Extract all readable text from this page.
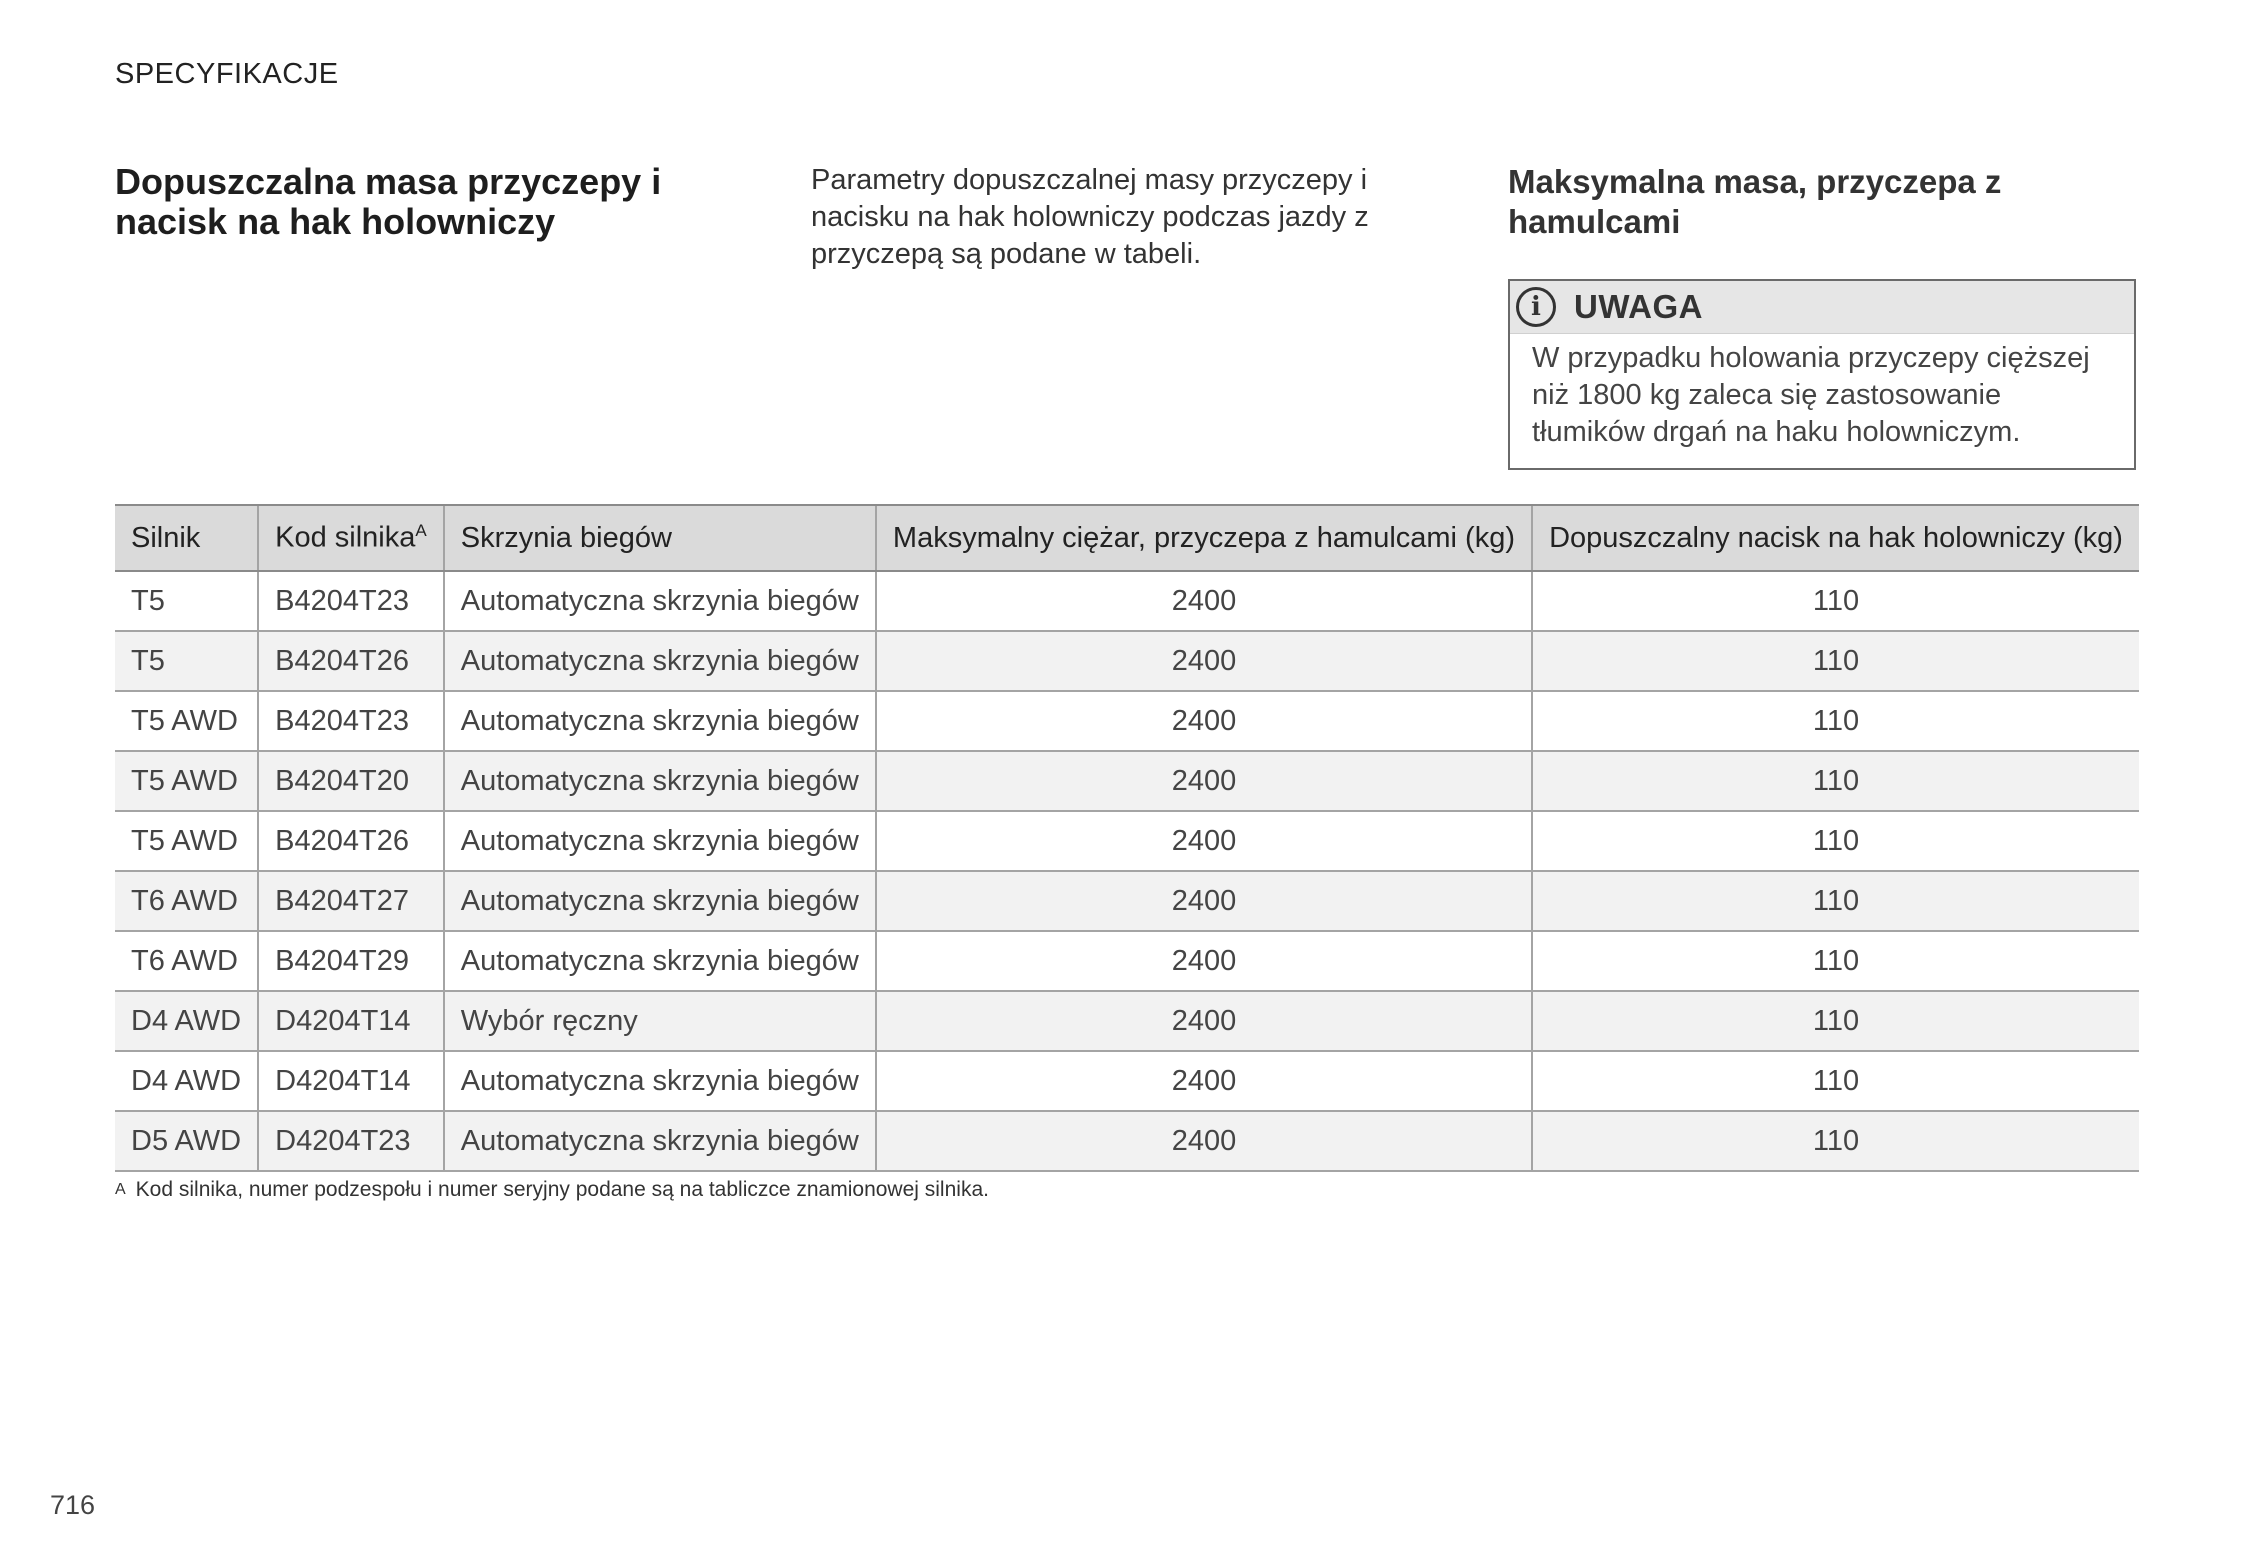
SPECYFIKACJE
Dopuszczalna masa przyczepy i nacisk na hak holowniczy

Parametry dopuszczalnej masy przyczepy i nacisku na hak holowniczy podczas jazdy z przyczepą są podane w tabeli.

Maksymalna masa, przyczepa z hamulcami
i	UWAGA
W przypadku holowania przyczepy cięższej niż 1800 kg zaleca się zastosowanie tłumików drgań na haku holowniczym.
Silnik	Kod silnika$^A$	Skrzynia biegów	Maksymalny ciężar, przyczepa z hamulcami (kg)	Dopuszczalny nacisk na hak holowniczy (kg)
T5	B4204T23	Automatyczna skrzynia biegów	2400	110
T5	B4204T26	Automatyczna skrzynia biegów	2400	110
T5 AWD	B4204T23	Automatyczna skrzynia biegów	2400	110
T5 AWD	B4204T20	Automatyczna skrzynia biegów	2400	110
T5 AWD	B4204T26	Automatyczna skrzynia biegów	2400	110
T6 AWD	B4204T27	Automatyczna skrzynia biegów	2400	110
T6 AWD	B4204T29	Automatyczna skrzynia biegów	2400	110
D4 AWD	D4204T14	Wybór ręczny	2400	110
D4 AWD	D4204T14	Automatyczna skrzynia biegów	2400	110
D5 AWD	D4204T23	Automatyczna skrzynia biegów	2400	110
A Kod silnika, numer podzespołu i numer seryjny podane są na tabliczce znamionowej silnika.
716
